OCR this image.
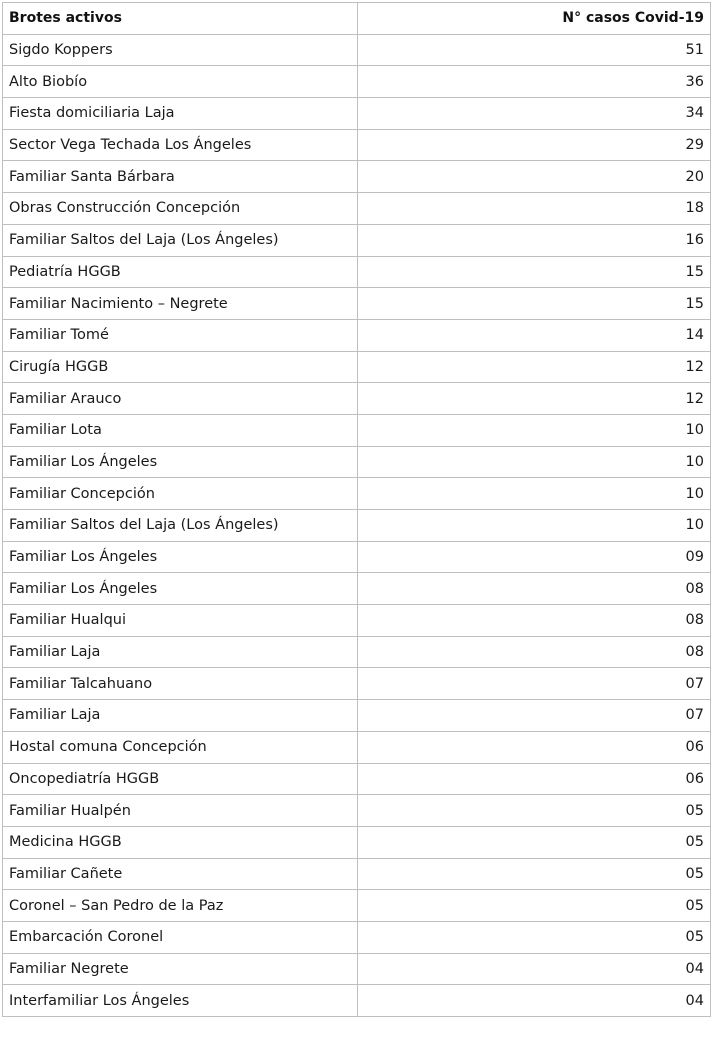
Brotes activos	N° casos Covid-19
Sigdo Koppers	51
Alto Biobío	36
Fiesta domiciliaria Laja	34
Sector Vega Techada Los Ángeles	29
Familiar Santa Bárbara	20
Obras Construcción Concepción	18
Familiar Saltos del Laja (Los Ángeles)	16
Pediatría HGGB	15
Familiar Nacimiento – Negrete	15
Familiar Tomé	14
Cirugía HGGB	12
Familiar Arauco	12
Familiar Lota	10
Familiar Los Ángeles	10
Familiar Concepción	10
Familiar Saltos del Laja (Los Ángeles)	10
Familiar Los Ángeles	09
Familiar Los Ángeles	08
Familiar Hualqui	08
Familiar Laja	08
Familiar Talcahuano	07
Familiar Laja	07
Hostal comuna Concepción	06
Oncopediatría HGGB	06
Familiar Hualpén	05
Medicina HGGB	05
Familiar Cañete	05
Coronel – San Pedro de la Paz	05
Embarcación Coronel	05
Familiar Negrete	04
Interfamiliar Los Ángeles	04
